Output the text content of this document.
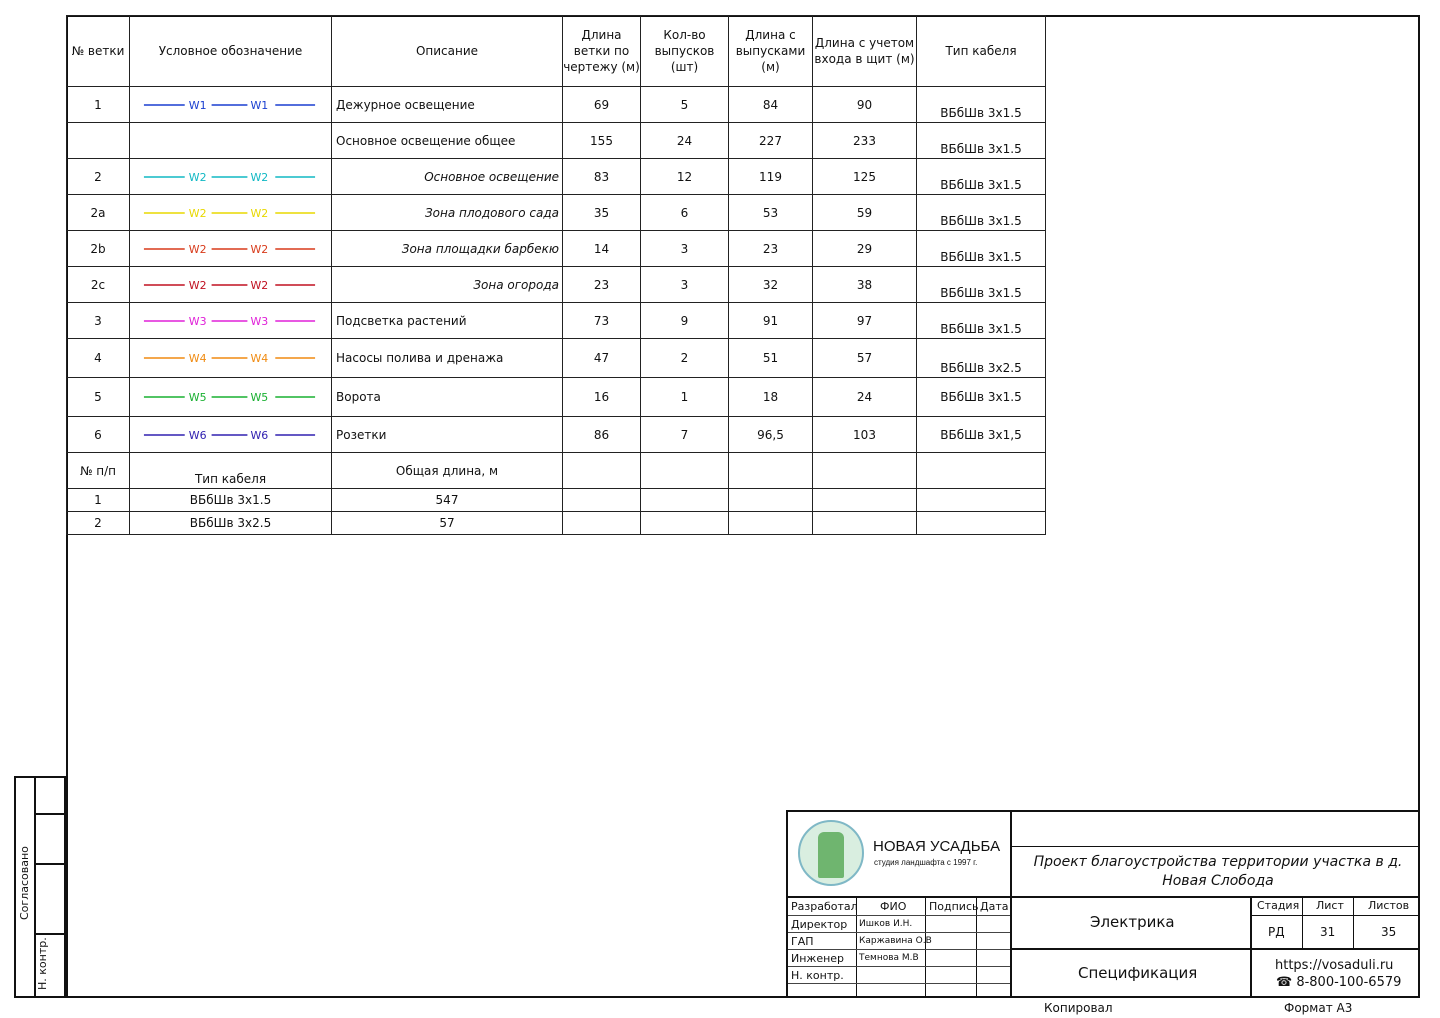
№ ветки	Условное обозначение	Описание	Длина ветки по чертежу (м)	Кол-во выпусков (шт)	Длина с выпусками (м)	Длина с учетом входа в щит (м)	Тип кабеля
1	W1 W1	Дежурное освещение	69	5	84	90	ВБбШв 3х1.5
		Основное освещение общее	155	24	227	233	ВБбШв 3х1.5
2	W2 W2	Основное освещение	83	12	119	125	ВБбШв 3х1.5
2a	W2 W2	Зона плодового сада	35	6	53	59	ВБбШв 3х1.5
2b	W2 W2	Зона площадки барбекю	14	3	23	29	ВБбШв 3х1.5
2c	W2 W2	Зона огорода	23	3	32	38	ВБбШв 3х1.5
3	W3 W3	Подсветка растений	73	9	91	97	ВБбШв 3х1.5
4	W4 W4	Насосы полива и дренажа	47	2	51	57	ВБбШв 3х2.5
5	W5 W5	Ворота	16	1	18	24	ВБбШв 3х1.5
6	W6 W6	Розетки	86	7	96,5	103	ВБбШв 3х1,5
№ п/п	Тип кабеля	Общая длина, м					
1	ВБбШв 3х1.5	547					
2	ВБбШв 3х2.5	57					
Согласовано
Н. контр.
НОВАЯ УСАДЬБА
студия ландшафта с 1997 г.	Проект благоустройства территории участка в д. Новая Слобода
Разработал ФИО Подпись Дата
Директор Ишков И.Н.
ГАП	Каржавина О.В
Инженер Темнова М.В
Н. контр.
Электрика
Спецификация
Стадия Лист Листов
РД	31	35
https://vosaduli.ru
☎ 8-800-100-6579
Копировал	Формат А3
